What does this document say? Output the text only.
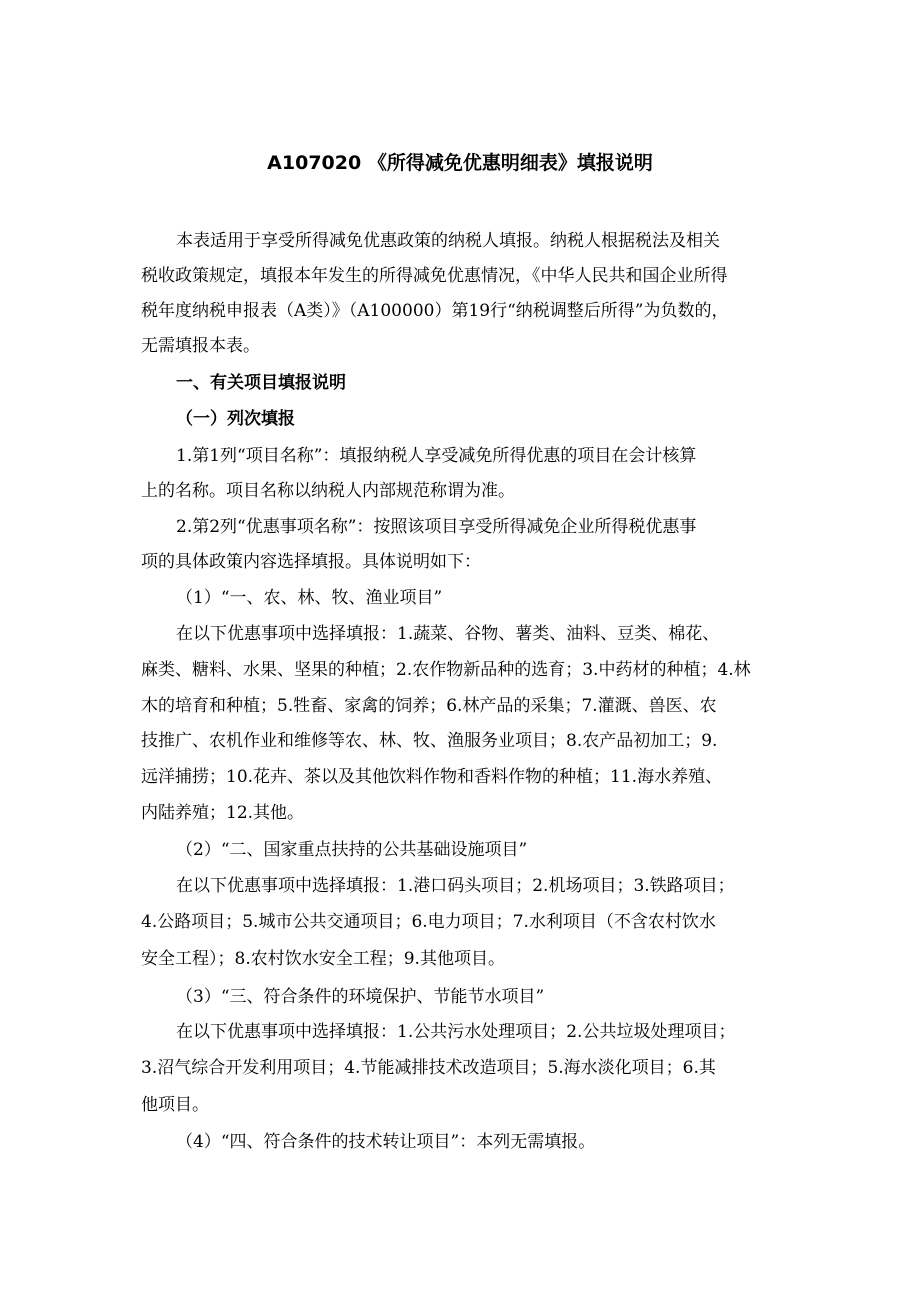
A107020 《所得减免优惠明细表》填报说明
本表适用于享受所得减免优惠政策的纳税人填报。纳税人根据税法及相关
税收政策规定，填报本年发生的所得减免优惠情况，《中华人民共和国企业所得
税年度纳税申报表（A类）》（A100000）第19行“纳税调整后所得”为负数的，
无需填报本表。
一、有关项目填报说明
（一）列次填报
1.第1列“项目名称”：填报纳税人享受减免所得优惠的项目在会计核算
上的名称。项目名称以纳税人内部规范称谓为准。
2.第2列“优惠事项名称”：按照该项目享受所得减免企业所得税优惠事
项的具体政策内容选择填报。具体说明如下：
（1）“一、农、林、牧、渔业项目”
在以下优惠事项中选择填报：1.蔬菜、谷物、薯类、油料、豆类、棉花、
麻类、糖料、水果、坚果的种植；2.农作物新品种的选育；3.中药材的种植；4.林
木的培育和种植；5.牲畜、家禽的饲养；6.林产品的采集；7.灌溉、兽医、农
技推广、农机作业和维修等农、林、牧、渔服务业项目；8.农产品初加工；9.
远洋捕捞；10.花卉、茶以及其他饮料作物和香料作物的种植；11.海水养殖、
内陆养殖；12.其他。
（2）“二、国家重点扶持的公共基础设施项目”
在以下优惠事项中选择填报：1.港口码头项目；2.机场项目；3.铁路项目；
4.公路项目；5.城市公共交通项目；6.电力项目；7.水利项目（不含农村饮水
安全工程）；8.农村饮水安全工程；9.其他项目。
（3）“三、符合条件的环境保护、节能节水项目”
在以下优惠事项中选择填报：1.公共污水处理项目；2.公共垃圾处理项目；
3.沼气综合开发利用项目；4.节能减排技术改造项目；5.海水淡化项目；6.其
他项目。
（4）“四、符合条件的技术转让项目”：本列无需填报。
